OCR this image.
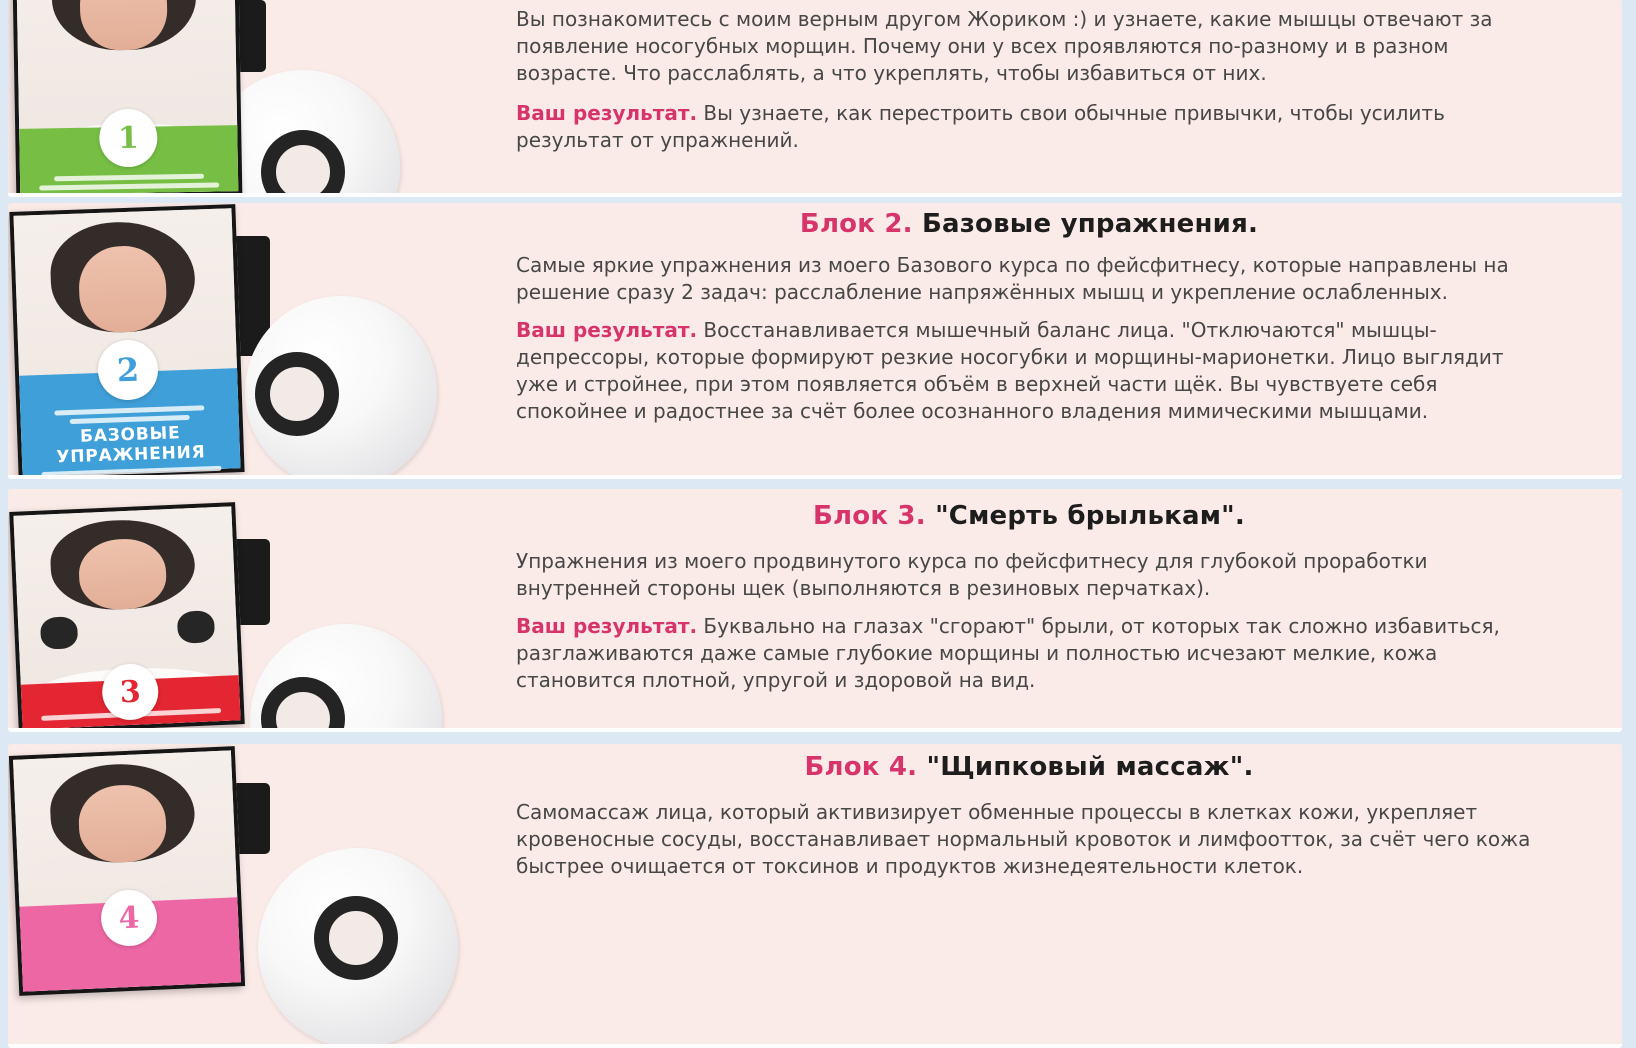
1

Вы познакомитесь с моим верным другом Жориком :) и узнаете, какие мышцы отвечают за появление носогубных морщин. Почему они у всех проявляются по-разному и в разном возрасте. Что расслаблять, а что укреплять, чтобы избавиться от них.

Ваш результат. Вы узнаете, как перестроить свои обычные привычки, чтобы усилить результат от упражнений.

2
БАЗОВЫЕ УПРАЖНЕНИЯ
Блок 2. Базовые упражнения.

Самые яркие упражнения из моего Базового курса по фейсфитнесу, которые направлены на решение сразу 2 задач: расслабление напряжённых мышц и укрепление ослабленных.

Ваш результат. Восстанавливается мышечный баланс лица. "Отключаются" мышцы-депрессоры, которые формируют резкие носогубки и морщины-марионетки. Лицо выглядит уже и стройнее, при этом появляется объём в верхней части щёк. Вы чувствуете себя спокойнее и радостнее за счёт более осознанного владения мимическими мышцами.

3
Блок 3. "Смерть брылькам".

Упражнения из моего продвинутого курса по фейсфитнесу для глубокой проработки внутренней стороны щек (выполняются в резиновых перчатках).

Ваш результат. Буквально на глазах "сгорают" брыли, от которых так сложно избавиться, разглаживаются даже самые глубокие морщины и полностью исчезают мелкие, кожа становится плотной, упругой и здоровой на вид.

4
Блок 4. "Щипковый массаж".

Самомассаж лица, который активизирует обменные процессы в клетках кожи, укрепляет кровеносные сосуды, восстанавливает нормальный кровоток и лимфоотток, за счёт чего кожа быстрее очищается от токсинов и продуктов жизнедеятельности клеток.
